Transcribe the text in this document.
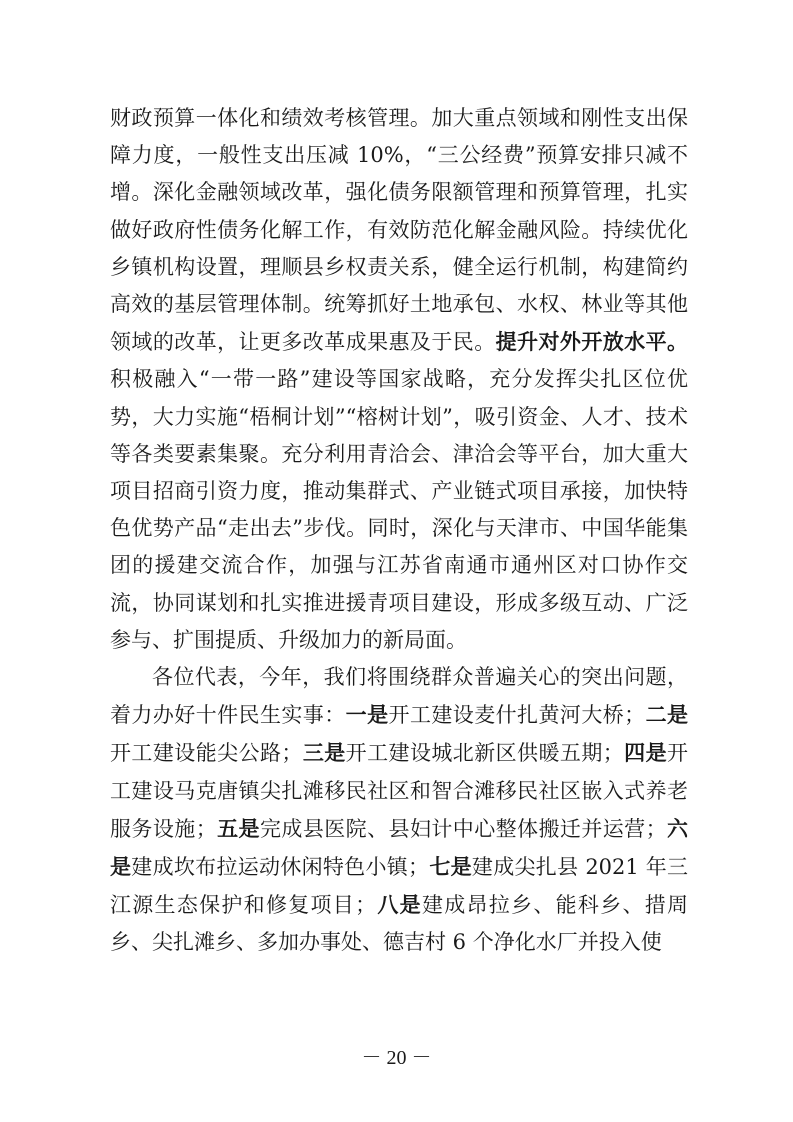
财政预算一体化和绩效考核管理。加大重点领域和刚性支出保障力度，一般性支出压减 10%，“三公经费”预算安排只减不增。深化金融领域改革，强化债务限额管理和预算管理，扎实做好政府性债务化解工作，有效防范化解金融风险。持续优化乡镇机构设置，理顺县乡权责关系，健全运行机制，构建简约高效的基层管理体制。统筹抓好土地承包、水权、林业等其他领域的改革，让更多改革成果惠及于民。提升对外开放水平。积极融入“一带一路”建设等国家战略，充分发挥尖扎区位优势，大力实施“梧桐计划”“榕树计划”，吸引资金、人才、技术等各类要素集聚。充分利用青洽会、津洽会等平台，加大重大项目招商引资力度，推动集群式、产业链式项目承接，加快特色优势产品“走出去”步伐。同时，深化与天津市、中国华能集团的援建交流合作，加强与江苏省南通市通州区对口协作交流，协同谋划和扎实推进援青项目建设，形成多级互动、广泛参与、扩围提质、升级加力的新局面。

各位代表，今年，我们将围绕群众普遍关心的突出问题，着力办好十件民生实事：一是开工建设麦什扎黄河大桥；二是开工建设能尖公路；三是开工建设城北新区供暖五期；四是开工建设马克唐镇尖扎滩移民社区和智合滩移民社区嵌入式养老服务设施；五是完成县医院、县妇计中心整体搬迁并运营；六是建成坎布拉运动休闲特色小镇；七是建成尖扎县 2021 年三江源生态保护和修复项目；八是建成昂拉乡、能科乡、措周乡、尖扎滩乡、多加办事处、德吉村 6 个净化水厂并投入使

－ 20 －
